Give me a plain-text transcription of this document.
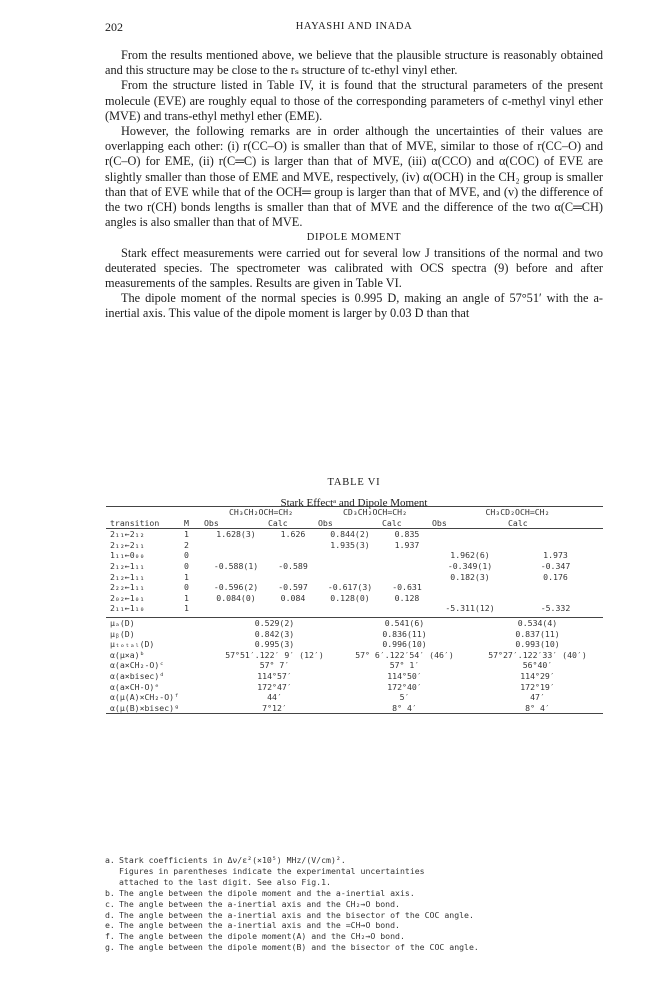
202	HAYASHI AND INADA

From the results mentioned above, we believe that the plausible structure is reasonably obtained and this structure may be close to the rₛ structure of tc-ethyl vinyl ether.

From the structure listed in Table IV, it is found that the structural parameters of the present molecule (EVE) are roughly equal to those of the corresponding parameters of c-methyl vinyl ether (MVE) and trans-ethyl methyl ether (EME).

However, the following remarks are in order although the uncertainties of their values are overlapping each other: (i) r(CC–O) is smaller than that of MVE, similar to those of r(CC–O) and r(C–O) for EME, (ii) r(C═C) is larger than that of MVE, (iii) α(CCO) and α(COC) of EVE are slightly smaller than those of EME and MVE, respectively, (iv) α(OCH) in the CH₂ group is smaller than that of EVE while that of the OCH═ group is larger than that of MVE, and (v) the difference of the two r(CH) bonds lengths is smaller than that of MVE and the difference of the two α(C═CH) angles is also smaller than that of MVE.

DIPOLE MOMENT

Stark effect measurements were carried out for several low J transitions of the normal and two deuterated species. The spectrometer was calibrated with OCS spectra (9) before and after measurements of the samples. Results are given in Table VI.

The dipole moment of the normal species is 0.995 D, making an angle of 57°51′ with the a-inertial axis. This value of the dipole moment is larger by 0.03 D than that

TABLE VI
Stark Effectᵃ and Dipole Moment
		CH₃CH₂OCH=CH₂		CD₃CH₂OCH=CH₂		CH₃CD₂OCH=CH₂	
transition	M	Obs	Calc	Obs	Calc	Obs	Calc
2₁₁←2₁₂	1	1.628(3)	1.626	0.844(2)	0.835		
2₁₂←2₁₁	2			1.935(3)	1.937		
1₁₁←0₀₀	0					1.962(6)	1.973
2₁₂←1₁₁	0	-0.588(1)	-0.589			-0.349(1)	-0.347
2₁₂←1₁₁	1					0.182(3)	0.176
2₂₂←1₁₁	0	-0.596(2)	-0.597	-0.617(3)	-0.631		
2₀₂←1₀₁	1	0.084(0)	0.084	0.128(0)	0.128		
2₁₁←1₁₀	1					-5.311(12)	-5.332
μₐ(D)	0.529(2)	0.541(6)	0.534(4)
μᵦ(D)	0.842(3)	0.836(11)	0.837(11)
μₜₒₜₐₗ(D)	0.995(3)	0.996(10)	0.993(10)
α(μ×a)ᵇ	57°51′.122′ 9′ (12′)	57° 6′.122′54′ (46′)	57°27′.122′33′ (40′)
α(a×CH₂-O)ᶜ	57° 7′	57° 1′	56°40′
α(a×bisec)ᵈ	114°57′	114°50′	114°29′
α(a×CH-O)ᵉ	172°47′	172°40′	172°19′
α(μ(A)×CH₂-O)ᶠ	44′	5′	47′
α(μ(B)×bisec)ᵍ	7°12′	8° 4′	8° 4′
a. Stark coefficients in Δν/ε²(×10⁵) MHz/(V/cm)².
Figures in parentheses indicate the experimental uncertainties
attached to the last digit. See also Fig.1.
b. The angle between the dipole moment and the a-inertial axis.
c. The angle between the a-inertial axis and the CH₂→O bond.
d. The angle between the a-inertial axis and the bisector of the COC angle.
e. The angle between the a-inertial axis and the =CH→O bond.
f. The angle between the dipole moment(A) and the CH₂→O bond.
g. The angle between the dipole moment(B) and the bisector of the COC angle.
